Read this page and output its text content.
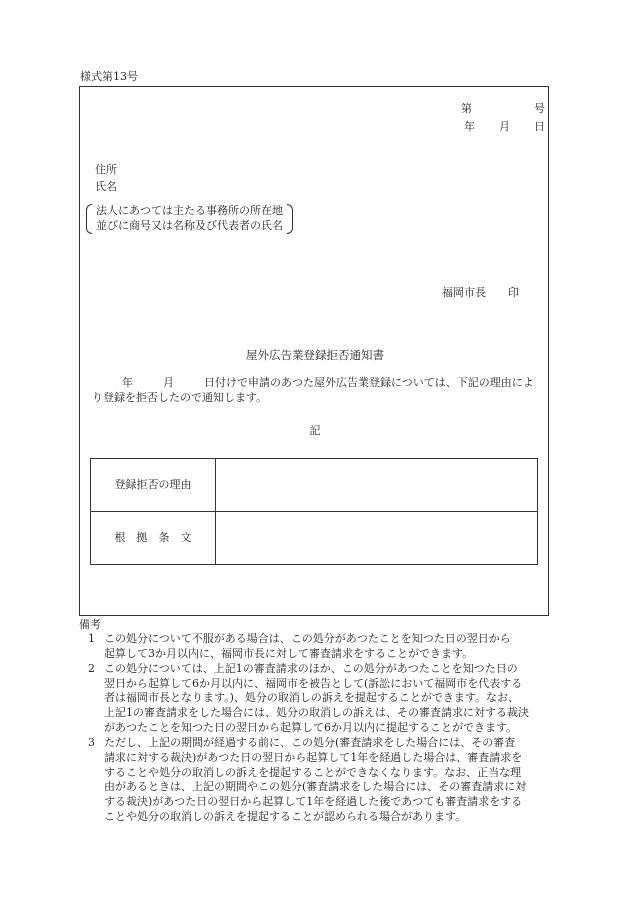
様式第13号
第	号
年 月 日
住所
氏名
法人にあつては主たる事務所の所在地
並びに商号又は名称及び代表者の氏名
福岡市長 印
屋外広告業登録拒否通知書
年	月	日付けで申請のあつた屋外広告業登録については、下記の理由により登録を拒否したので通知します。
記
登録拒否の理由	
根　拠　条　文	
備考
1 この処分について不服がある場合は、この処分があつたことを知つた日の翌日から

起算して3か月以内に、福岡市長に対して審査請求をすることができます。

2 この処分については、上記1の審査請求のほか、この処分があつたことを知つた日の

翌日から起算して6か月以内に、福岡市を被告として(訴訟において福岡市を代表する

者は福岡市長となります。)、処分の取消しの訴えを提起することができます。なお、

上記1の審査請求をした場合には、処分の取消しの訴えは、その審査請求に対する裁決

があつたことを知つた日の翌日から起算して6か月以内に提起することができます。

3 ただし、上記の期間が経過する前に、この処分(審査請求をした場合には、その審査

請求に対する裁決)があつた日の翌日から起算して1年を経過した場合は、審査請求を

することや処分の取消しの訴えを提起することができなくなります。なお、正当な理

由があるときは、上記の期間やこの処分(審査請求をした場合には、その審査請求に対

する裁決)があつた日の翌日から起算して1年を経過した後であつても審査請求をする

ことや処分の取消しの訴えを提起することが認められる場合があります。
